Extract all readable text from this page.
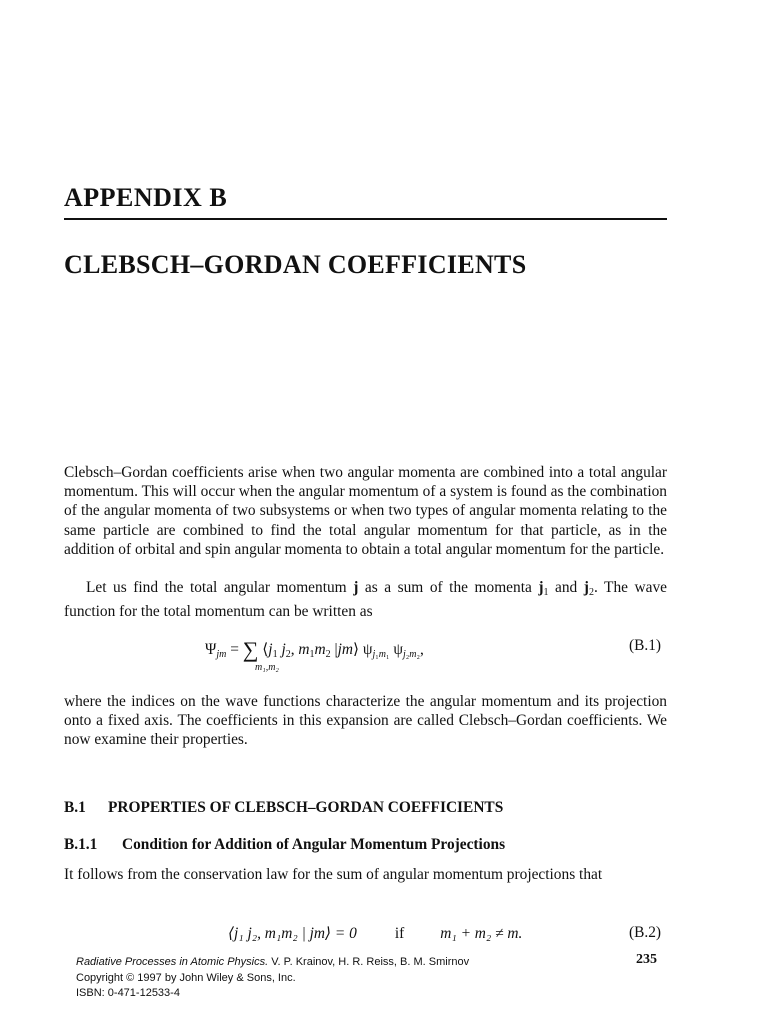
APPENDIX B
CLEBSCH–GORDAN COEFFICIENTS

Clebsch–Gordan coefficients arise when two angular momenta are combined into a total angular momentum. This will occur when the angular momentum of a system is found as the combination of the angular momenta of two subsystems or when two types of angular momenta relating to the same particle are combined to find the total angular momentum for that particle, as in the addition of orbital and spin angular momenta to obtain a total angular momentum for the particle.

Let us find the total angular momentum j as a sum of the momenta $j_1$ and $j_2$. The wave function for the total momentum can be written as

$\Psi_{jm}$ = ∑ $⟨j_1$ $j_2$, $m_1m_2$ |jm⟩ $\psi_{j_1m_1}$ $\psi_{j_2m_2}$,
m₁,m₂
(B.1)

where the indices on the wave functions characterize the angular momentum and its projection onto a fixed axis. The coefficients in this expansion are called Clebsch–Gordan coefficients. We now examine their properties.

B.1 PROPERTIES OF CLEBSCH–GORDAN COEFFICIENTS
B.1.1 Condition for Addition of Angular Momentum Projections

It follows from the conservation law for the sum of angular momentum projections that

⟨j₁ j₂, m₁m₂ | jm⟩ = 0 if m₁ + m₂ ≠ m.	(B.2)
Radiative Processes in Atomic Physics. V. P. Krainov, H. R. Reiss, B. M. Smirnov
Copyright © 1997 by John Wiley & Sons, Inc.
ISBN: 0-471-12533-4
235
